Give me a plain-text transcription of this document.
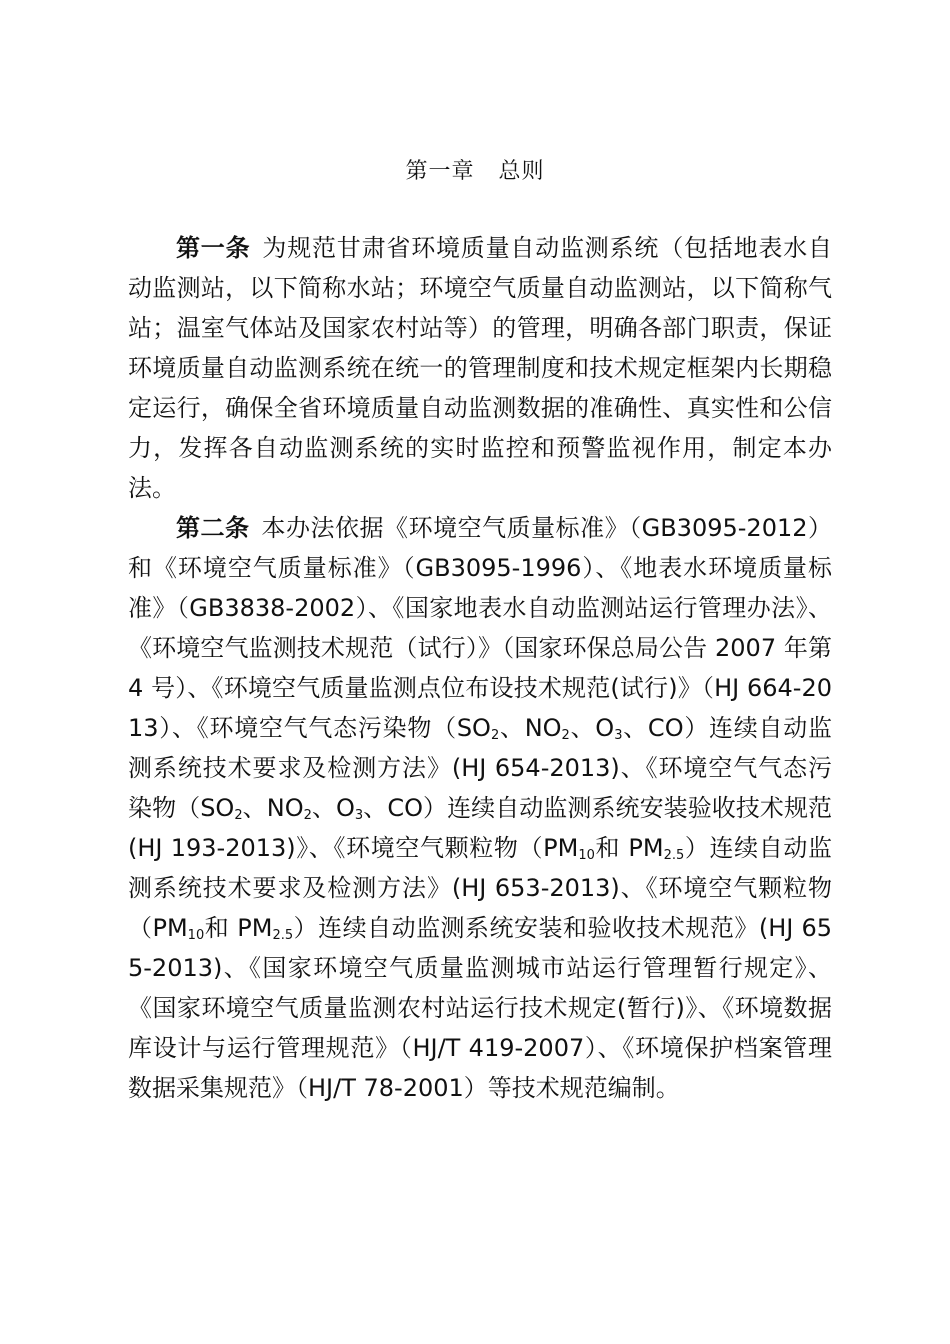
第一章 总则

第一条 为规范甘肃省环境质量自动监测系统（包括地表水自动监测站，以下简称水站；环境空气质量自动监测站，以下简称气站；温室气体站及国家农村站等）的管理，明确各部门职责，保证环境质量自动监测系统在统一的管理制度和技术规定框架内长期稳定运行，确保全省环境质量自动监测数据的准确性、真实性和公信力，发挥各自动监测系统的实时监控和预警监视作用，制定本办法。

第二条 本办法依据《环境空气质量标准》（GB3095-2012）和《环境空气质量标准》（GB3095-1996）、《地表水环境质量标准》（GB3838-2002）、《国家地表水自动监测站运行管理办法》、《环境空气监测技术规范（试行）》（国家环保总局公告 2007 年第 4 号）、《环境空气质量监测点位布设技术规范(试行)》（HJ 664-2013）、《环境空气气态污染物（$SO_2$、$NO_2$、$O_3$、CO）连续自动监测系统技术要求及检测方法》(HJ 654-2013)、《环境空气气态污染物（$SO_2$、$NO_2$、$O_3$、CO）连续自动监测系统安装验收技术规范(HJ 193-2013)》、《环境空气颗粒物（$PM_{10}$和 $PM_{2.5}$）连续自动监测系统技术要求及检测方法》(HJ 653-2013)、《环境空气颗粒物（$PM_{10}$和 $PM_{2.5}$）连续自动监测系统安装和验收技术规范》(HJ 655-2013)、《国家环境空气质量监测城市站运行管理暂行规定》、《国家环境空气质量监测农村站运行技术规定(暂行)》、《环境数据库设计与运行管理规范》（HJ/T 419-2007）、《环境保护档案管理数据采集规范》（HJ/T 78-2001）等技术规范编制。
